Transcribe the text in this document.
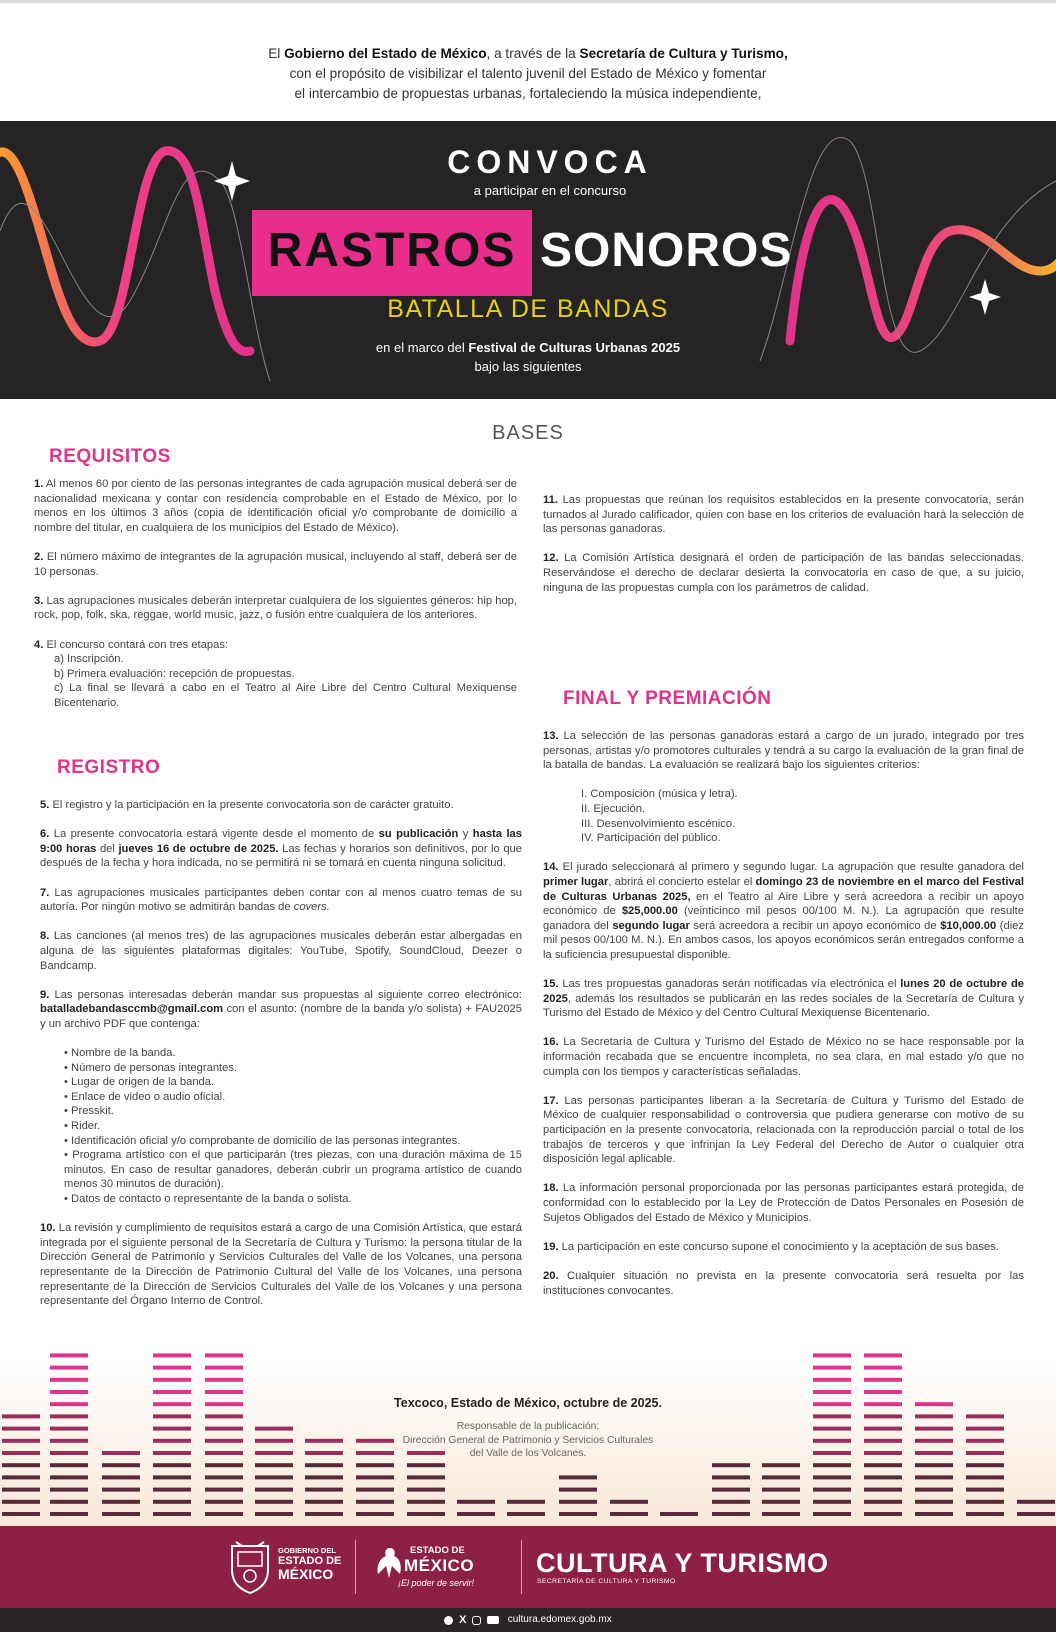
El Gobierno del Estado de México, a través de la Secretaría de Cultura y Turismo,
con el propósito de visibilizar el talento juvenil del Estado de México y fomentar
el intercambio de propuestas urbanas, fortaleciendo la música independiente,
CONVOCA
a participar en el concurso
RASTROS SONOROS
BATALLA DE BANDAS
en el marco del Festival de Culturas Urbanas 2025
bajo las siguientes
BASES
REQUISITOS
REGISTRO
FINAL Y PREMIACIÓN

1. Al menos 60 por ciento de las personas integrantes de cada agrupación musical deberá ser de nacionalidad mexicana y contar con residencia comprobable en el Estado de México, por lo menos en los últimos 3 años (copia de identificación oficial y/o comprobante de domicilio a nombre del titular, en cualquiera de los municipios del Estado de México).

2. El número máximo de integrantes de la agrupación musical, incluyendo al staff, deberá ser de 10 personas.

3. Las agrupaciones musicales deberán interpretar cualquiera de los siguientes géneros: hip hop, rock, pop, folk, ska, reggae, world music, jazz, o fusión entre cualquiera de los anteriores.

4. El concurso contará con tres etapas:
a) Inscripción.
b) Primera evaluación: recepción de propuestas.
c) La final se llevará a cabo en el Teatro al Aire Libre del Centro Cultural Mexiquense Bicentenario.

5. El registro y la participación en la presente convocatoria son de carácter gratuito.

6. La presente convocatoria estará vigente desde el momento de su publicación y hasta las 9:00 horas del jueves 16 de octubre de 2025. Las fechas y horarios son definitivos, por lo que después de la fecha y hora indicada, no se permitirá ni se tomará en cuenta ninguna solicitud.

7. Las agrupaciones musicales participantes deben contar con al menos cuatro temas de su autoría. Por ningún motivo se admitirán bandas de covers.

8. Las canciones (al menos tres) de las agrupaciones musicales deberán estar albergadas en alguna de las siguientes plataformas digitales: YouTube, Spotify, SoundCloud, Deezer o Bandcamp.

9. Las personas interesadas deberán mandar sus propuestas al siguiente correo electrónico: batalladebandasccmb@gmail.com con el asunto: (nombre de la banda y/o solista) + FAU2025 y un archivo PDF que contenga:

• Nombre de la banda.
• Número de personas integrantes.
• Lugar de origen de la banda.
• Enlace de video o audio oficial.
• Presskit.
• Rider.
• Identificación oficial y/o comprobante de domicilio de las personas integrantes.
• Programa artístico con el que participarán (tres piezas, con una duración máxima de 15 minutos. En caso de resultar ganadores, deberán cubrir un programa artístico de cuando menos 30 minutos de duración).
• Datos de contacto o representante de la banda o solista.

10. La revisión y cumplimiento de requisitos estará a cargo de una Comisión Artística, que estará integrada por el siguiente personal de la Secretaría de Cultura y Turismo: la persona titular de la Dirección General de Patrimonio y Servicios Culturales del Valle de los Volcanes, una persona representante de la Dirección de Patrimonio Cultural del Valle de los Volcanes, una persona representante de la Dirección de Servicios Culturales del Valle de los Volcanes y una persona representante del Órgano Interno de Control.

11. Las propuestas que reúnan los requisitos establecidos en la presente convocatoria, serán turnados al Jurado calificador, quien con base en los criterios de evaluación hará la selección de las personas ganadoras.

12. La Comisión Artística designará el orden de participación de las bandas seleccionadas. Reservándose el derecho de declarar desierta la convocatoria en caso de que, a su juicio, ninguna de las propuestas cumpla con los parámetros de calidad.

13. La selección de las personas ganadoras estará a cargo de un jurado, integrado por tres personas, artistas y/o promotores culturales y tendrá a su cargo la evaluación de la gran final de la batalla de bandas. La evaluación se realizará bajo los siguientes criterios:

I. Composición (música y letra).
II. Ejecución.
III. Desenvolvimiento escénico.
IV. Participación del público.

14. El jurado seleccionará al primero y segundo lugar. La agrupación que resulte ganadora del primer lugar, abrirá el concierto estelar el domingo 23 de noviembre en el marco del Festival de Culturas Urbanas 2025, en el Teatro al Aire Libre y será acreedora a recibir un apoyo económico de $25,000.00 (veinticinco mil pesos 00/100 M. N.). La agrupación que resulte ganadora del segundo lugar será acreedora a recibir un apoyo económico de $10,000.00 (diez mil pesos 00/100 M. N.). En ambos casos, los apoyos económicos serán entregados conforme a la suficiencia presupuestal disponible.

15. Las tres propuestas ganadoras serán notificadas vía electrónica el lunes 20 de octubre de 2025, además los resultados se publicarán en las redes sociales de la Secretaría de Cultura y Turismo del Estado de México y del Centro Cultural Mexiquense Bicentenario.

16. La Secretaría de Cultura y Turismo del Estado de México no se hace responsable por la información recabada que se encuentre incompleta, no sea clara, en mal estado y/o que no cumpla con los tiempos y características señaladas.

17. Las personas participantes liberan a la Secretaría de Cultura y Turismo del Estado de México de cualquier responsabilidad o controversia que pudiera generarse con motivo de su participación en la presente convocatoria, relacionada con la reproducción parcial o total de los trabajos de terceros y que infrinjan la Ley Federal del Derecho de Autor o cualquier otra disposición legal aplicable.

18. La información personal proporcionada por las personas participantes estará protegida, de conformidad con lo establecido por la Ley de Protección de Datos Personales en Posesión de Sujetos Obligados del Estado de México y Municipios.

19. La participación en este concurso supone el conocimiento y la aceptación de sus bases.

20. Cualquier situación no prevista en la presente convocatoria será resuelta por las instituciones convocantes.

Texcoco, Estado de México, octubre de 2025.
Responsable de la publicación:
Dirección General de Patrimonio y Servicios Culturales
del Valle de los Volcanes.
GOBIERNO DEL
ESTADO DE
MÉXICO
ESTADO DE
MÉXICO
¡El poder de servir!
CULTURA Y TURISMO
SECRETARÍA DE CULTURA Y TURISMO
X	cultura.edomex.gob.mx
